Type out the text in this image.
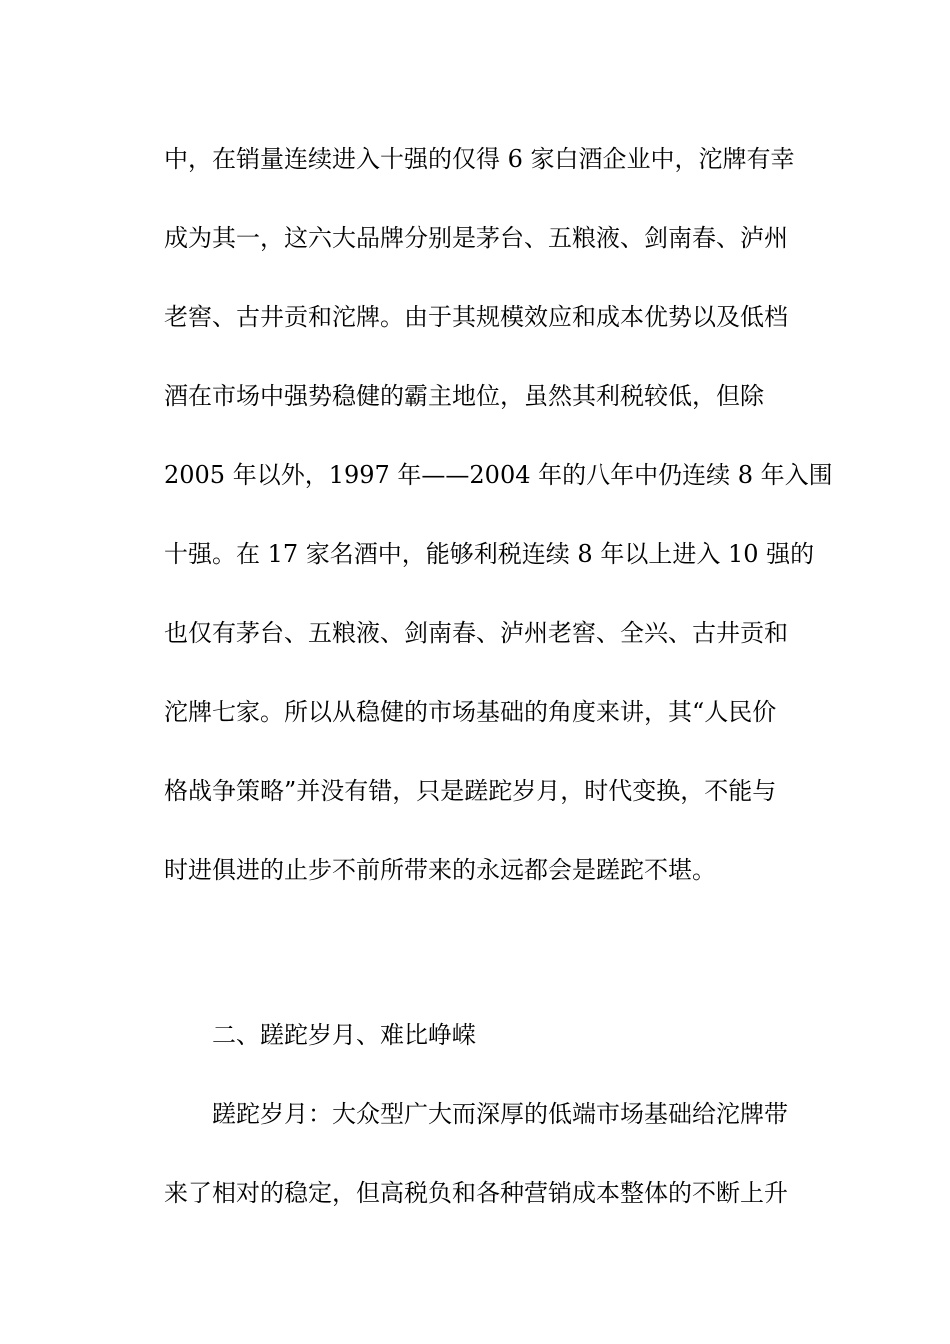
中，在销量连续进入十强的仅得 6 家白酒企业中，沱牌有幸
成为其一，这六大品牌分别是茅台、五粮液、剑南春、泸州
老窖、古井贡和沱牌。由于其规模效应和成本优势以及低档
酒在市场中强势稳健的霸主地位，虽然其利税较低，但除
2005 年以外，1997 年——2004 年的八年中仍连续 8 年入围
十强。在 17 家名酒中，能够利税连续 8 年以上进入 10 强的
也仅有茅台、五粮液、剑南春、泸州老窖、全兴、古井贡和
沱牌七家。所以从稳健的市场基础的角度来讲，其“人民价
格战争策略”并没有错，只是蹉跎岁月，时代变换，不能与
时进俱进的止步不前所带来的永远都会是蹉跎不堪。
二、蹉跎岁月、难比峥嵘
蹉跎岁月：大众型广大而深厚的低端市场基础给沱牌带
来了相对的稳定，但高税负和各种营销成本整体的不断上升
